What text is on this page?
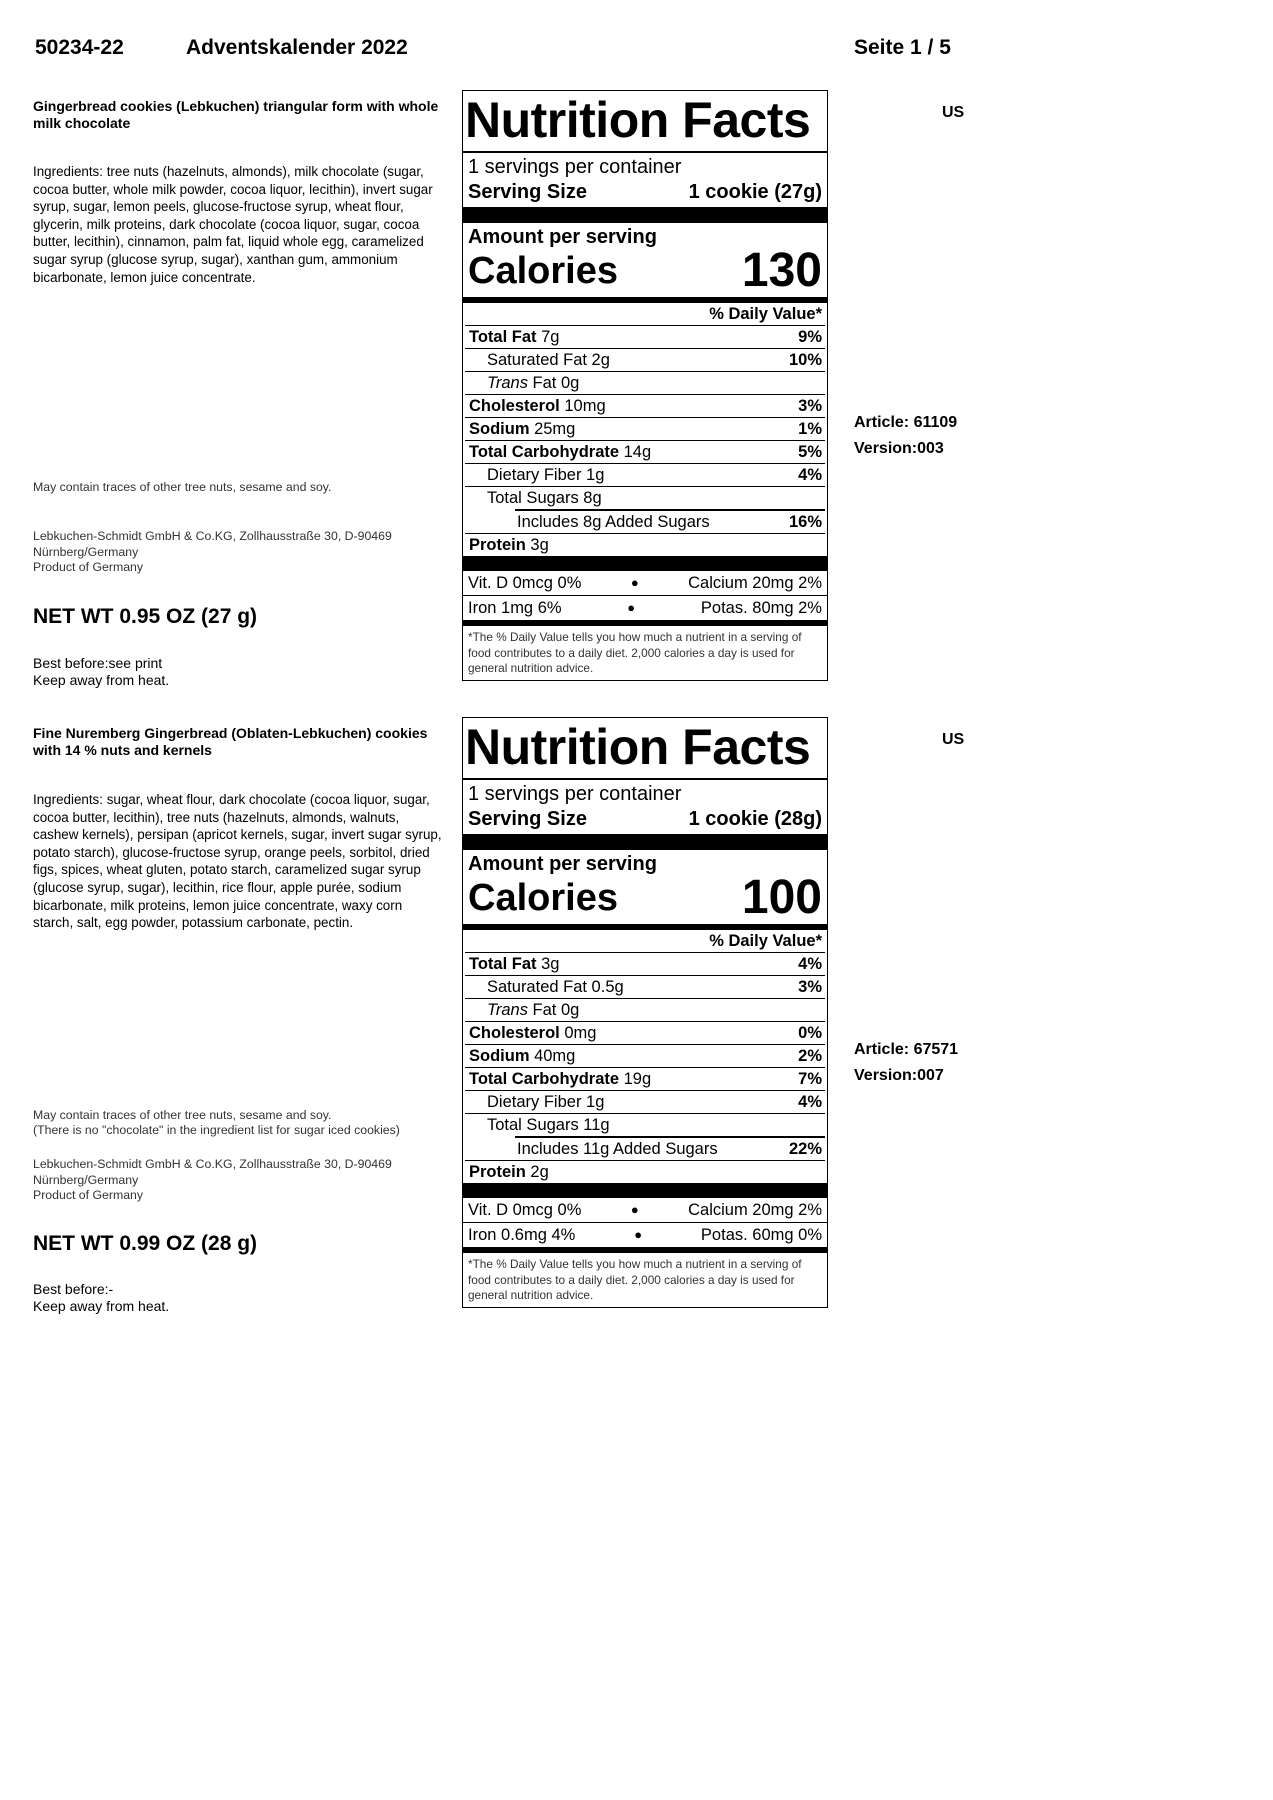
50234-22	Adventskalender 2022	Seite 1 / 5
Gingerbread cookies (Lebkuchen) triangular form with whole milk chocolate
Ingredients: tree nuts (hazelnuts, almonds), milk chocolate (sugar, cocoa butter, whole milk powder, cocoa liquor, lecithin), invert sugar syrup, sugar, lemon peels, glucose-fructose syrup, wheat flour, glycerin, milk proteins, dark chocolate (cocoa liquor, sugar, cocoa butter, lecithin), cinnamon, palm fat, liquid whole egg, caramelized sugar syrup (glucose syrup, sugar), xanthan gum, ammonium bicarbonate, lemon juice concentrate.
May contain traces of other tree nuts, sesame and soy.
Lebkuchen-Schmidt GmbH & Co.KG, Zollhausstraße 30, D-90469 Nürnberg/Germany
Product of Germany
NET WT 0.95 OZ (27 g)
Best before:see print
Keep away from heat.
US
Article: 61109
Version:003
Nutrition Facts
1 servings per container
Serving Size	1 cookie (27g)
Amount per serving
Calories	130
% Daily Value*
Total Fat 7g	9%
Saturated Fat 2g	10%
Trans Fat 0g
Cholesterol 10mg	3%
Sodium 25mg	1%
Total Carbohydrate 14g	5%
Dietary Fiber 1g	4%
Total Sugars 8g
Includes 8g Added Sugars	16%
Protein 3g
Vit. D 0mcg 0%	●	Calcium 20mg 2%
Iron 1mg 6%	●	Potas. 80mg 2%
*The % Daily Value tells you how much a nutrient in a serving of food contributes to a daily diet. 2,000 calories a day is used for general nutrition advice.
Fine Nuremberg Gingerbread (Oblaten-Lebkuchen) cookies with 14 % nuts and kernels
Ingredients: sugar, wheat flour, dark chocolate (cocoa liquor, sugar, cocoa butter, lecithin), tree nuts (hazelnuts, almonds, walnuts, cashew kernels), persipan (apricot kernels, sugar, invert sugar syrup, potato starch), glucose-fructose syrup, orange peels, sorbitol, dried figs, spices, wheat gluten, potato starch, caramelized sugar syrup (glucose syrup, sugar), lecithin, rice flour, apple purée, sodium bicarbonate, milk proteins, lemon juice concentrate, waxy corn starch, salt, egg powder, potassium carbonate, pectin.
May contain traces of other tree nuts, sesame and soy.
(There is no "chocolate" in the ingredient list for sugar iced cookies)
Lebkuchen-Schmidt GmbH & Co.KG, Zollhausstraße 30, D-90469 Nürnberg/Germany
Product of Germany
NET WT 0.99 OZ (28 g)
Best before:-
Keep away from heat.
US
Article: 67571
Version:007
Nutrition Facts
1 servings per container
Serving Size	1 cookie (28g)
Amount per serving
Calories	100
% Daily Value*
Total Fat 3g	4%
Saturated Fat 0.5g	3%
Trans Fat 0g
Cholesterol 0mg	0%
Sodium 40mg	2%
Total Carbohydrate 19g	7%
Dietary Fiber 1g	4%
Total Sugars 11g
Includes 11g Added Sugars	22%
Protein 2g
Vit. D 0mcg 0%	●	Calcium 20mg 2%
Iron 0.6mg 4%	●	Potas. 60mg 0%
*The % Daily Value tells you how much a nutrient in a serving of food contributes to a daily diet. 2,000 calories a day is used for general nutrition advice.
